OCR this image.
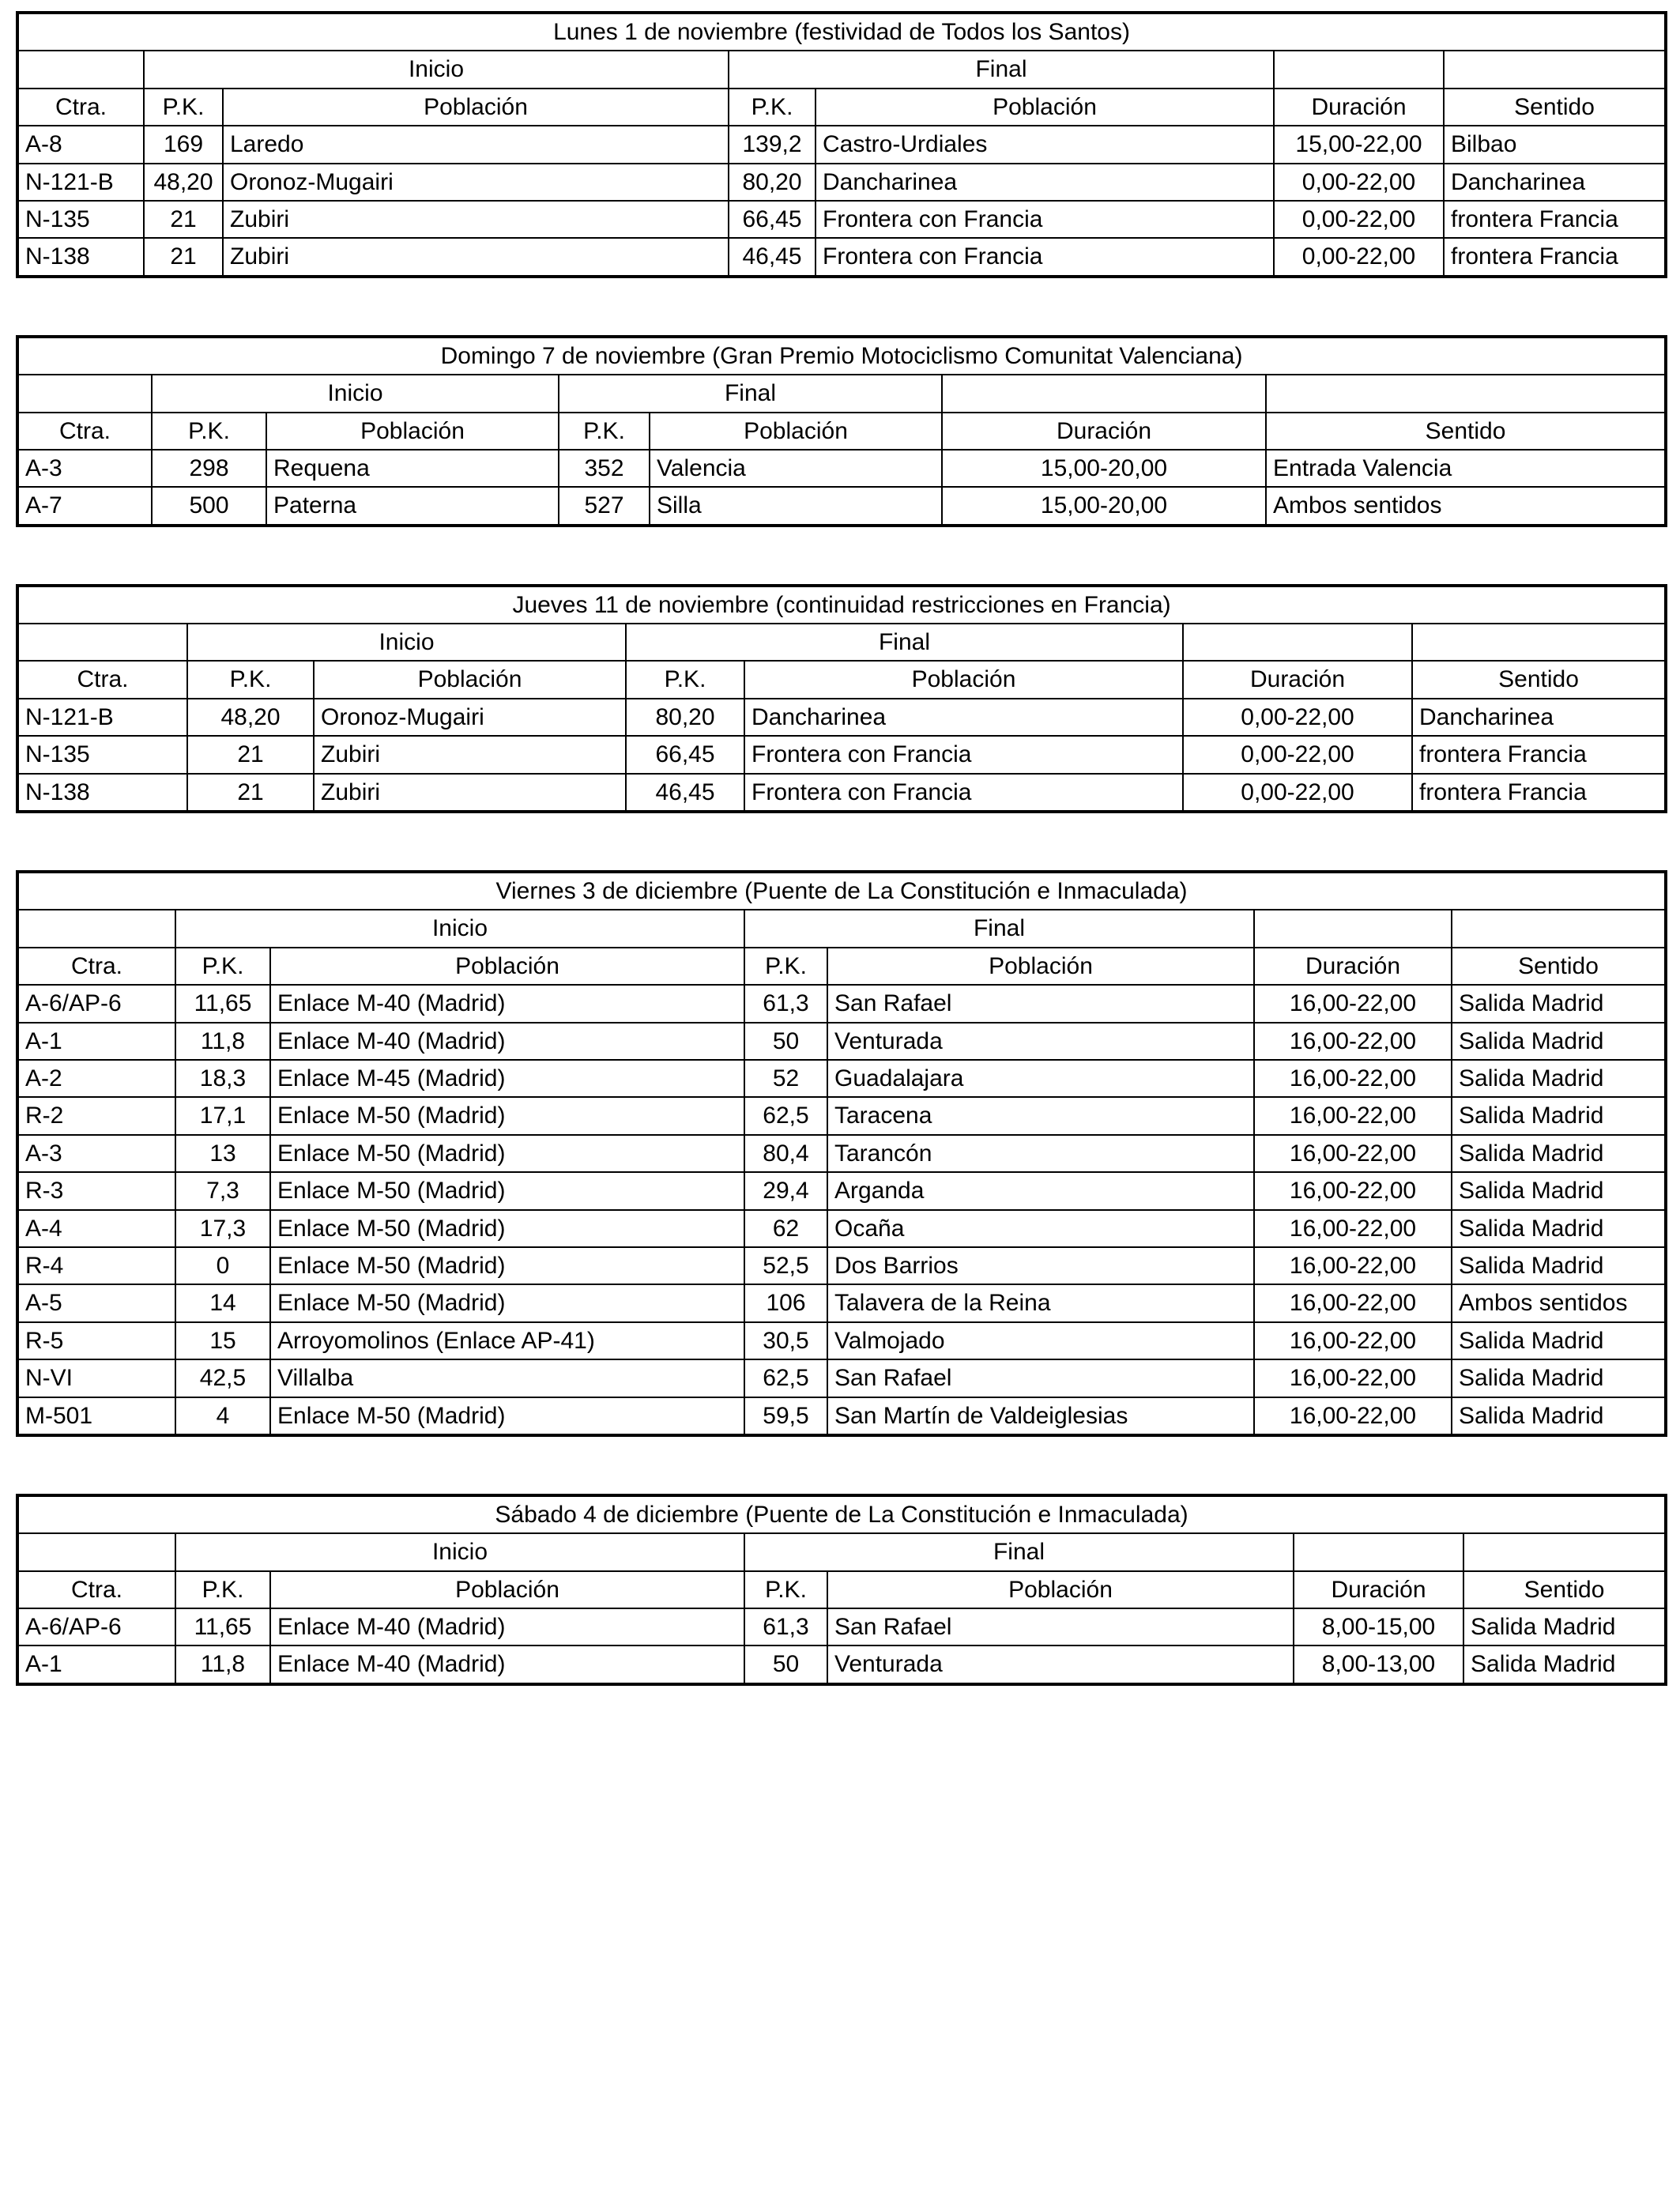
Lunes 1 de noviembre (festividad de Todos los Santos)						
	Inicio		Final			
Ctra.	P.K.	Población	P.K.	Población	Duración	Sentido
A-8	169	Laredo	139,2	Castro-Urdiales	15,00-22,00	Bilbao
N-121-B	48,20	Oronoz-Mugairi	80,20	Dancharinea	0,00-22,00	Dancharinea
N-135	21	Zubiri	66,45	Frontera con Francia	0,00-22,00	frontera Francia
N-138	21	Zubiri	46,45	Frontera con Francia	0,00-22,00	frontera Francia
Domingo 7 de noviembre (Gran Premio Motociclismo Comunitat Valenciana)						
	Inicio		Final			
Ctra.	P.K.	Población	P.K.	Población	Duración	Sentido
A-3	298	Requena	352	Valencia	15,00-20,00	Entrada Valencia
A-7	500	Paterna	527	Silla	15,00-20,00	Ambos sentidos
Jueves 11 de noviembre (continuidad restricciones en Francia)						
	Inicio		Final			
Ctra.	P.K.	Población	P.K.	Población	Duración	Sentido
N-121-B	48,20	Oronoz-Mugairi	80,20	Dancharinea	0,00-22,00	Dancharinea
N-135	21	Zubiri	66,45	Frontera con Francia	0,00-22,00	frontera Francia
N-138	21	Zubiri	46,45	Frontera con Francia	0,00-22,00	frontera Francia
Viernes 3 de diciembre (Puente de La Constitución e Inmaculada)						
	Inicio		Final			
Ctra.	P.K.	Población	P.K.	Población	Duración	Sentido
A-6/AP-6	11,65	Enlace M-40 (Madrid)	61,3	San Rafael	16,00-22,00	Salida Madrid
A-1	11,8	Enlace M-40 (Madrid)	50	Venturada	16,00-22,00	Salida Madrid
A-2	18,3	Enlace M-45 (Madrid)	52	Guadalajara	16,00-22,00	Salida Madrid
R-2	17,1	Enlace M-50 (Madrid)	62,5	Taracena	16,00-22,00	Salida Madrid
A-3	13	Enlace M-50 (Madrid)	80,4	Tarancón	16,00-22,00	Salida Madrid
R-3	7,3	Enlace M-50 (Madrid)	29,4	Arganda	16,00-22,00	Salida Madrid
A-4	17,3	Enlace M-50 (Madrid)	62	Ocaña	16,00-22,00	Salida Madrid
R-4	0	Enlace M-50 (Madrid)	52,5	Dos Barrios	16,00-22,00	Salida Madrid
A-5	14	Enlace M-50 (Madrid)	106	Talavera de la Reina	16,00-22,00	Ambos sentidos
R-5	15	Arroyomolinos (Enlace AP-41)	30,5	Valmojado	16,00-22,00	Salida Madrid
N-VI	42,5	Villalba	62,5	San Rafael	16,00-22,00	Salida Madrid
M-501	4	Enlace M-50 (Madrid)	59,5	San Martín de Valdeiglesias	16,00-22,00	Salida Madrid
Sábado 4 de diciembre (Puente de La Constitución e Inmaculada)						
	Inicio		Final			
Ctra.	P.K.	Población	P.K.	Población	Duración	Sentido
A-6/AP-6	11,65	Enlace M-40 (Madrid)	61,3	San Rafael	8,00-15,00	Salida Madrid
A-1	11,8	Enlace M-40 (Madrid)	50	Venturada	8,00-13,00	Salida Madrid
